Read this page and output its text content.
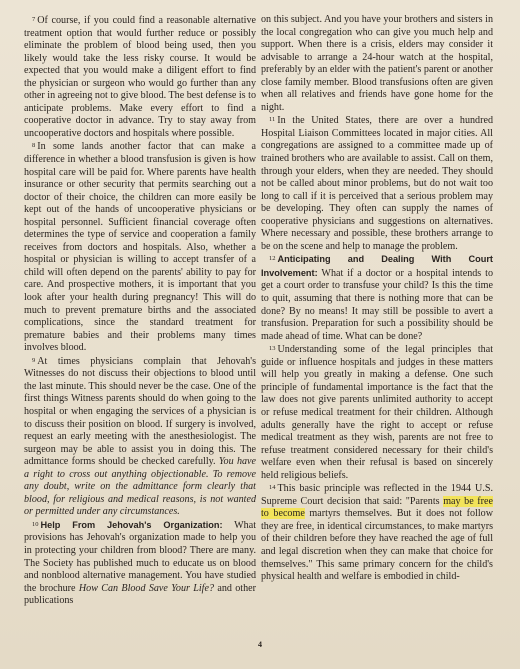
7 Of course, if you could find a reasonable alternative treatment option that would further reduce or possibly eliminate the problem of blood being used, then you likely would take the less risky course. It would be expected that you would make a diligent effort to find the physician or surgeon who would go further than any other in agreeing not to give blood. The best defense is to anticipate problems. Make every effort to find a cooperative doctor in advance. Try to stay away from uncooperative doctors and hospitals where possible.

8 In some lands another factor that can make a difference in whether a blood transfusion is given is how hospital care will be paid for. Where parents have health insurance or other security that permits searching out a doctor of their choice, the children can more easily be kept out of the hands of uncooperative physicians or hospital personnel. Sufficient financial coverage often determines the type of service and cooperation a family receives from doctors and hospitals. Also, whether a hospital or physician is willing to accept transfer of a child will often depend on the parents' ability to pay for care. And prospective mothers, it is important that you look after your health during pregnancy! This will do much to prevent premature births and the associated complications, since the standard treatment for premature babies and their problems many times involves blood.

9 At times physicians complain that Jehovah's Witnesses do not discuss their objections to blood until the last minute. This should never be the case. One of the first things Witness parents should do when going to the hospital or when engaging the services of a physician is to discuss their position on blood. If surgery is involved, request an early meeting with the anesthesiologist. The surgeon may be able to assist you in doing this. The admittance forms should be checked carefully. You have a right to cross out anything objectionable. To remove any doubt, write on the admittance form clearly that blood, for religious and medical reasons, is not wanted or permitted under any circumstances.

10 Help From Jehovah's Organization: What provisions has Jehovah's organization made to help you in protecting your children from blood? There are many. The Society has published much to educate us on blood and nonblood alternative management. You have studied the brochure How Can Blood Save Your Life? and other publications

on this subject. And you have your brothers and sisters in the local congregation who can give you much help and support. When there is a crisis, elders may consider it advisable to arrange a 24-hour watch at the hospital, preferably by an elder with the patient's parent or another close family member. Blood transfusions often are given when all relatives and friends have gone home for the night.

11 In the United States, there are over a hundred Hospital Liaison Committees located in major cities. All congregations are assigned to a committee made up of trained brothers who are available to assist. Call on them, through your elders, when they are needed. They should not be called about minor problems, but do not wait too long to call if it is perceived that a serious problem may be developing. They often can supply the names of cooperative physicians and suggestions on alternatives. Where necessary and possible, these brothers arrange to be on the scene and help to manage the problem.

12 Anticipating and Dealing With Court Involvement: What if a doctor or a hospital intends to get a court order to transfuse your child? Is this the time to quit, assuming that there is nothing more that can be done? By no means! It may still be possible to avert a transfusion. Preparation for such a possibility should be made ahead of time. What can be done?

13 Understanding some of the legal principles that guide or influence hospitals and judges in these matters will help you greatly in making a defense. One such principle of fundamental importance is the fact that the law does not give parents unlimited authority to accept or refuse medical treatment for their children. Although adults generally have the right to accept or refuse medical treatment as they wish, parents are not free to refuse treatment considered necessary for their child's welfare even when their refusal is based on sincerely held religious beliefs.

14 This basic principle was reflected in the 1944 U.S. Supreme Court decision that said: "Parents may be free to become martyrs themselves. But it does not follow they are free, in identical circumstances, to make martyrs of their children before they have reached the age of full and legal discretion when they can make that choice for themselves." This same primary concern for the child's physical health and welfare is embodied in child-

4
